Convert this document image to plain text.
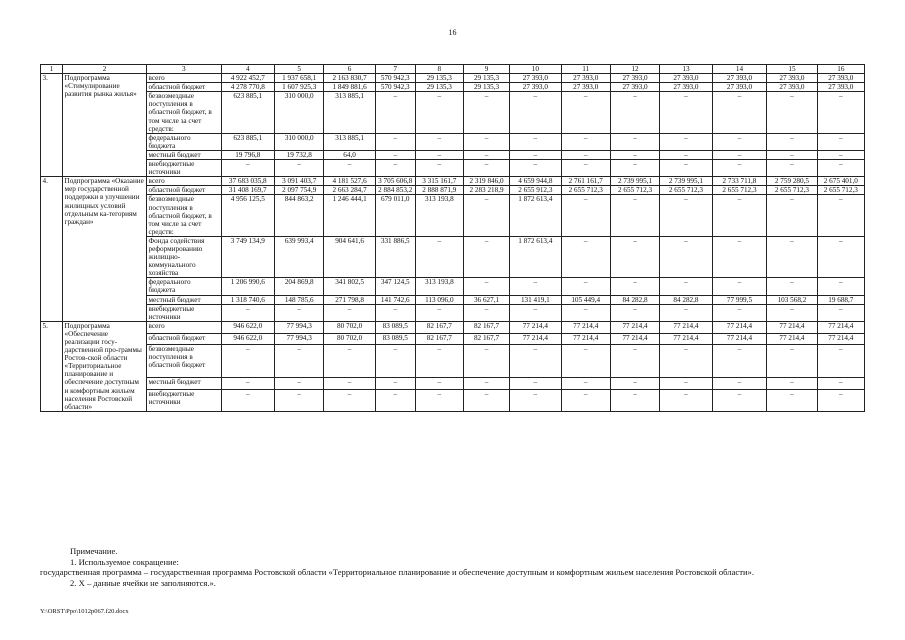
16
1	2	3	4	5	6	7	8	9	10	11	12	13	14	15	16
3.	Подпрограмма «Стимулирование развития рынка жилья»	всего	4 922 452,7	1 937 658,1	2 163 830,7	570 942,3	29 135,3	29 135,3	27 393,0	27 393,0	27 393,0	27 393,0	27 393,0	27 393,0	27 393,0
		областной бюджет	4 278 770,8	1 607 925,3	1 849 881,6	570 942,3	29 135,3	29 135,3	27 393,0	27 393,0	27 393,0	27 393,0	27 393,0	27 393,0	27 393,0
		безвозмездные поступления в областной бюджет, в том числе за счет средств:	623 885,1	310 000,0	313 885,1	–	–	–	–	–	–	–	–	–	–
		федерального бюджета	623 885,1	310 000,0	313 885,1	–	–	–	–	–	–	–	–	–	–
		местный бюджет	19 796,8	19 732,8	64,0	–	–	–	–	–	–	–	–	–	–
		внебюджетные источники	–	–	–	–	–	–	–	–	–	–	–	–	–
4.	Подпрограмма «Оказание мер государственной поддержки в улучшении жилищных условий отдельным ка-тегориям граждан»	всего	37 683 035,8	3 091 403,7	4 181 527,6	3 705 606,8	3 315 161,7	2 319 846,0	4 659 944,8	2 761 161,7	2 739 995,1	2 739 995,1	2 733 711,8	2 759 280,5	2 675 401,0
		областной бюджет	31 408 169,7	2 097 754,9	2 663 284,7	2 884 853,2	2 888 871,9	2 283 218,9	2 655 912,3	2 655 712,3	2 655 712,3	2 655 712,3	2 655 712,3	2 655 712,3	2 655 712,3
		безвозмездные поступления в областной бюджет, в том числе за счет средств:	4 956 125,5	844 863,2	1 246 444,1	679 011,0	313 193,8	–	1 872 613,4	–	–	–	–	–	–
		Фонда содействия реформированию жилищно-коммунального хозяйства	3 749 134,9	639 993,4	904 641,6	331 886,5	–	–	1 872 613,4	–	–	–	–	–	–
		федерального бюджета	1 206 990,6	204 869,8	341 802,5	347 124,5	313 193,8	–	–	–	–	–	–	–	–
		местный бюджет	1 318 740,6	148 785,6	271 798,8	141 742,6	113 096,0	36 627,1	131 419,1	105 449,4	84 282,8	84 282,8	77 999,5	103 568,2	19 688,7
		внебюджетные источники	–	–	–	–	–	–	–	–	–	–	–	–	–
5.	Подпрограмма «Обеспечение реализации госу-дарственной про-граммы Ростов-ской области «Территориальное планирование и обеспечение доступным и комфортным жильем населения Ростовской области»	всего	946 622,0	77 994,3	80 702,0	83 089,5	82 167,7	82 167,7	77 214,4	77 214,4	77 214,4	77 214,4	77 214,4	77 214,4	77 214,4
		областной бюджет	946 622,0	77 994,3	80 702,0	83 089,5	82 167,7	82 167,7	77 214,4	77 214,4	77 214,4	77 214,4	77 214,4	77 214,4	77 214,4
		безвозмездные поступления в областной бюджет	–	–	–	–	–	–	–	–	–	–	–	–	–
		местный бюджет	–	–	–	–	–	–	–	–	–	–	–	–	–
		внебюджетные источники	–	–	–	–	–	–	–	–	–	–	–	–	–
Примечание.
1. Используемое сокращение:
государственная программа – государственная программа Ростовской области «Территориальное планирование и обеспечение доступным и комфортным жильем населения Ростовской области».
2. Х – данные ячейки не заполняются.».
Y:\ORST\Ppo\1012p067.f20.docx
